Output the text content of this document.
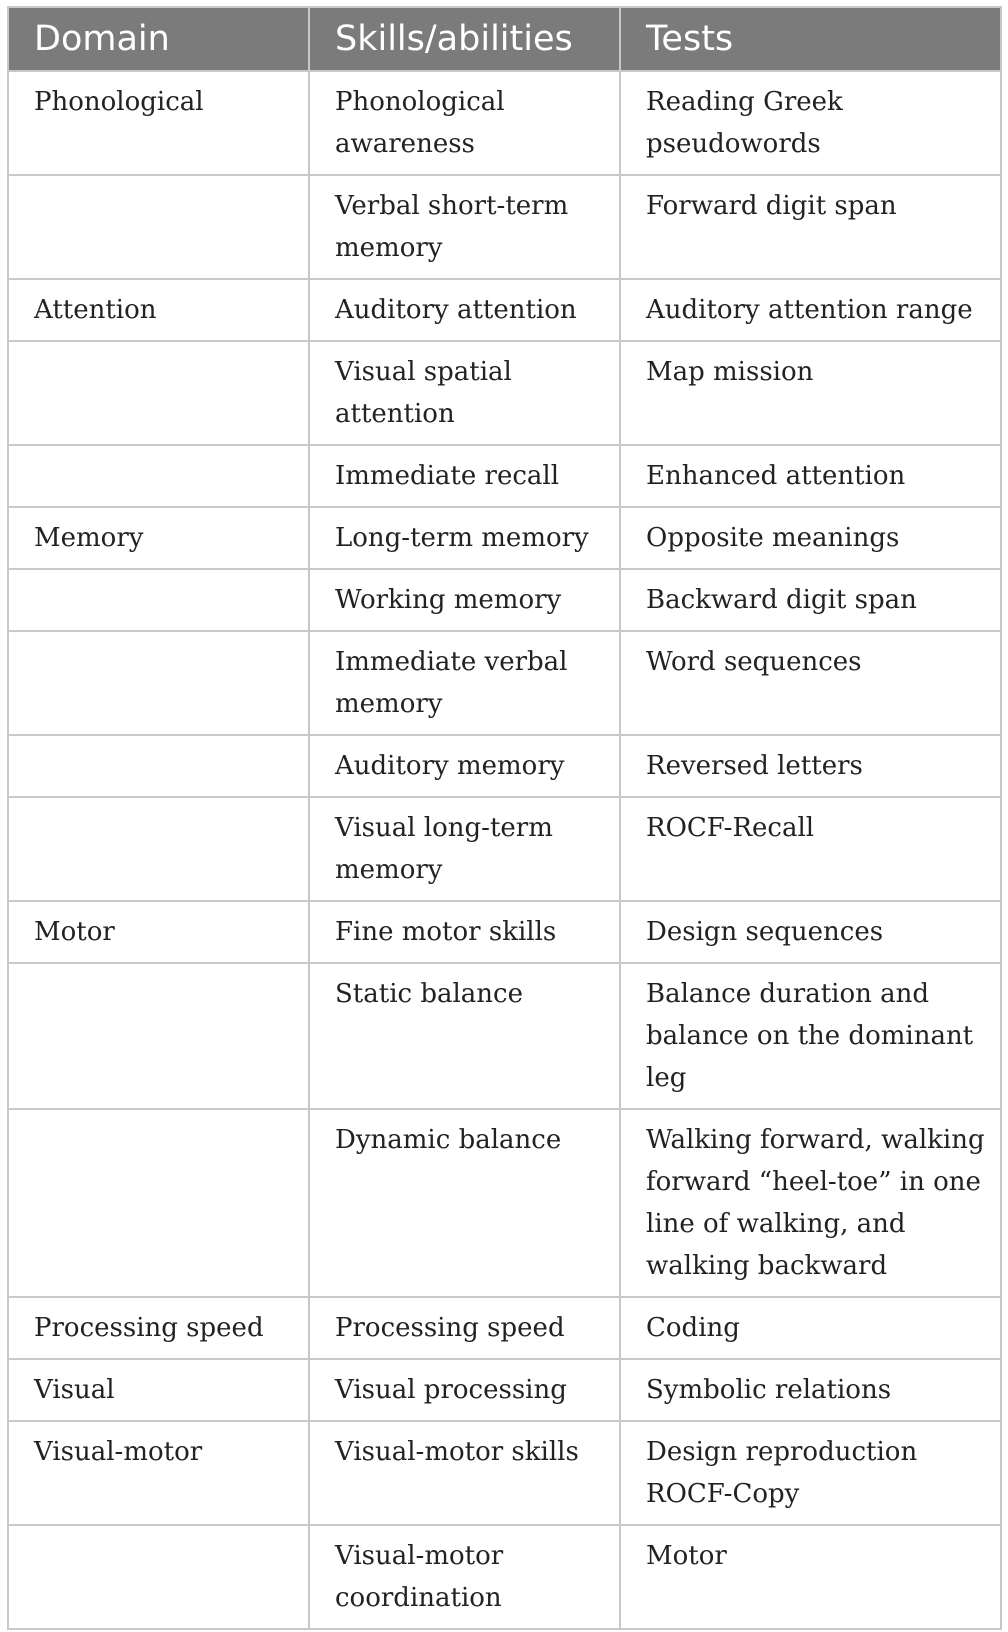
Domain	Skills/abilities	Tests
Phonological	Phonological awareness	Reading Greek pseudowords
	Verbal short-term memory	Forward digit span
Attention	Auditory attention	Auditory attention range
	Visual spatial attention	Map mission
	Immediate recall	Enhanced attention
Memory	Long-term memory	Opposite meanings
	Working memory	Backward digit span
	Immediate verbal memory	Word sequences
	Auditory memory	Reversed letters
	Visual long-term memory	ROCF-Recall
Motor	Fine motor skills	Design sequences
	Static balance	Balance duration and balance on the dominant leg
	Dynamic balance	Walking forward, walking forward “heel-toe” in one line of walking, and walking backward
Processing speed	Processing speed	Coding
Visual	Visual processing	Symbolic relations
Visual-motor	Visual-motor skills	Design reproduction ROCF-Copy
	Visual-motor coordination	Motor
